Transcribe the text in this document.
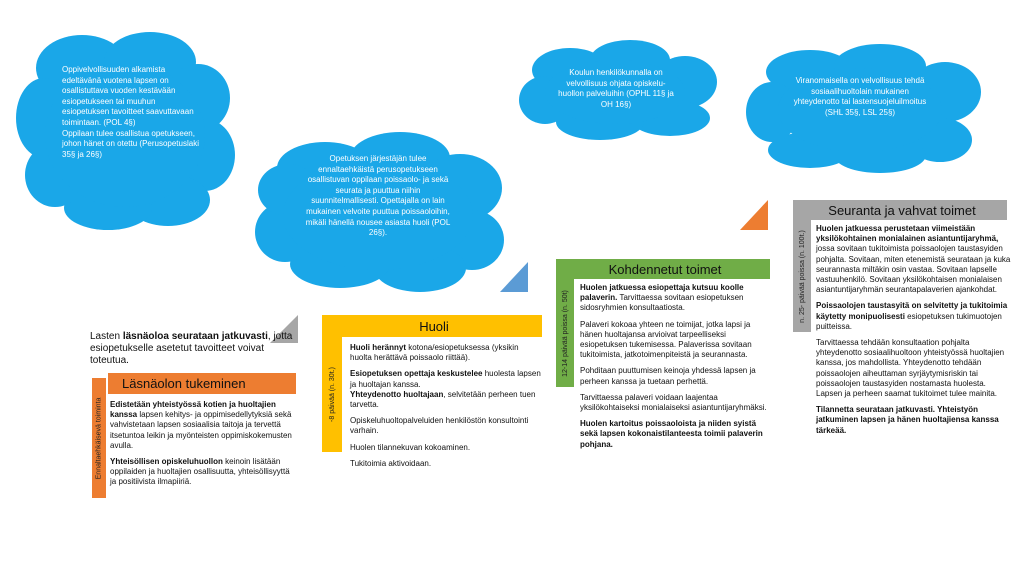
Oppivelvollisuuden alkamista edeltävänä vuotena lapsen on osallistuttava vuoden kestävään esiopetukseen tai muuhun esiopetuksen tavoitteet saavuttavaan toimintaan. (POL 4§)

Oppilaan tulee osallistua opetukseen, johon hänet on otettu (Perusopetuslaki 35§ ja 26§)	Opetuksen järjestäjän tulee ennaltaehkäistä perusopetukseen osallistuvan oppilaan poissaolo- ja sekä seurata ja puuttua niihin suunnitelmallisesti. Opettajalla on lain mukainen velvoite puuttua poissaoloihin, mikäli hänellä nousee asiasta huoli (POL 26§).

Koulun henkilökunnalla on velvollisuus ohjata opiskelu-huollon palveluihin (OPHL 11§ ja OH 16§)

Viranomaisella on velvollisuus tehdä sosiaalihuoltolain mukainen yhteydenotto tai lastensuojeluilmoitus (SHL 35§, LSL 25§)

Lasten läsnäoloa seurataan jatkuvasti, jotta esiopetukselle asetetut tavoitteet voivat toteutua.
Läsnäolon tukeminen
Ennaltaehkäisevä toiminta Edistetään yhteistyössä kotien ja huoltajien kanssa lapsen kehitys- ja oppimisedellytyksiä sekä vahvistetaan lapsen sosiaalisia taitoja ja tervettä itsetuntoa leikin ja myönteisten oppimiskokemusten avulla.

Yhteisöllisen opiskeluhuollon keinoin lisätään oppilaiden ja huoltajien osallisuutta, yhteisöllisyyttä ja positiivista ilmapiiriä.

Huoli
-8 päivää (n. 30t.)

Huoli herännyt kotona/esiopetuksessa (yksikin huolta herättävä poissaolo riittää).

Esiopetuksen opettaja keskustelee huolesta lapsen ja huoltajan kanssa.
Yhteydenotto huoltajaan, selvitetään perheen tuen tarvetta.

Opiskeluhuoltopalveluiden henkilöstön konsultointi varhain.

Huolen tilannekuvan kokoaminen.

Tukitoimia aktivoidaan.

Kohdennetut toimet
12-14 päivää poissa (n. 50t)

Huolen jatkuessa esiopettaja kutsuu koolle palaverin. Tarvittaessa sovitaan esiopetuksen sidosryhmien konsultaatiosta.

Palaveri kokoaa yhteen ne toimijat, jotka lapsi ja hänen huoltajansa arvioivat tarpeelliseksi esiopetuksen tukemisessa. Palaverissa sovitaan tukitoimista, jatkotoimenpiteistä ja seurannasta.

Pohditaan puuttumisen keinoja yhdessä lapsen ja perheen kanssa ja tuetaan perhettä.

Tarvittaessa palaveri voidaan laajentaa yksilökohtaiseksi monialaiseksi asiantuntijaryhmäksi.

Huolen kartoitus poissaoloista ja niiden syistä sekä lapsen kokonaistilanteesta toimii palaverin pohjana.

Seuranta ja vahvat toimet
n. 25- päivää poissa (n. 100t.)

Huolen jatkuessa perustetaan viimeistään yksilökohtainen monialainen asiantuntijaryhmä, jossa sovitaan tukitoimista poissaolojen taustasyiden pohjalta. Sovitaan, miten etenemistä seurataan ja kuka seurannasta miltäkin osin vastaa. Sovitaan lapselle vastuuhenkilö. Sovitaan yksilökohtaisen monialaisen asiantuntijaryhmän seurantapalaverien ajankohdat.

Poissaolojen taustasyitä on selvitetty ja tukitoimia käytetty monipuolisesti esiopetuksen tukimuotojen puitteissa.

Tarvittaessa tehdään konsultaation pohjalta yhteydenotto sosiaalihuoltoon yhteistyössä huoltajien kanssa, jos mahdollista. Yhteydenotto tehdään poissaolojen aiheuttaman syrjäytymisriskin tai poissaolojen taustasyiden nostamasta huolesta. Lapsen ja perheen saamat tukitoimet tulee mainita.

Tilannetta seurataan jatkuvasti. Yhteistyön jatkuminen lapsen ja hänen huoltajiensa kanssa tärkeää.
